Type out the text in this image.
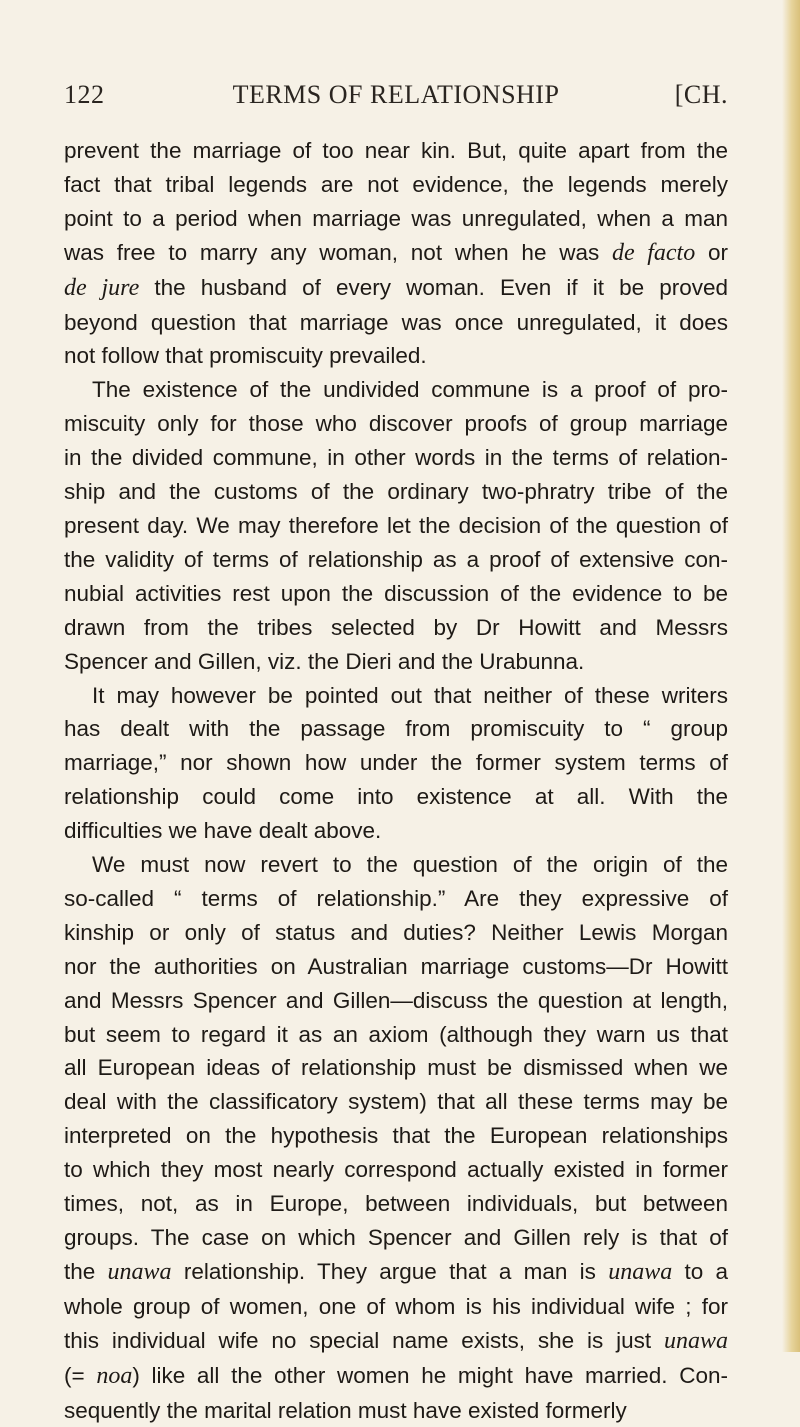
122	TERMS OF RELATIONSHIP	[CH.
prevent the marriage of too near kin. But, quite apart from the
fact that tribal legends are not evidence, the legends merely
point to a period when marriage was unregulated, when a man
was free to marry any woman, not when he was de facto or
de jure the husband of every woman. Even if it be proved
beyond question that marriage was once unregulated, it does
not follow that promiscuity prevailed.
The existence of the undivided commune is a proof of pro-
miscuity only for those who discover proofs of group marriage
in the divided commune, in other words in the terms of relation-
ship and the customs of the ordinary two-phratry tribe of the
present day. We may therefore let the decision of the question of
the validity of terms of relationship as a proof of extensive con-
nubial activities rest upon the discussion of the evidence to be
drawn from the tribes selected by Dr Howitt and Messrs
Spencer and Gillen, viz. the Dieri and the Urabunna.
It may however be pointed out that neither of these writers
has dealt with the passage from promiscuity to “ group
marriage,” nor shown how under the former system terms of
relationship could come into existence at all. With the
difficulties we have dealt above.
We must now revert to the question of the origin of the
so-called “ terms of relationship.” Are they expressive of
kinship or only of status and duties? Neither Lewis Morgan
nor the authorities on Australian marriage customs—Dr Howitt
and Messrs Spencer and Gillen—discuss the question at length,
but seem to regard it as an axiom (although they warn us that
all European ideas of relationship must be dismissed when we
deal with the classificatory system) that all these terms may be
interpreted on the hypothesis that the European relationships
to which they most nearly correspond actually existed in former
times, not, as in Europe, between individuals, but between
groups. The case on which Spencer and Gillen rely is that of
the unawa relationship. They argue that a man is unawa to a
whole group of women, one of whom is his individual wife ; for
this individual wife no special name exists, she is just unawa
(= noa) like all the other women he might have married. Con-
sequently the marital relation must have existed formerly
